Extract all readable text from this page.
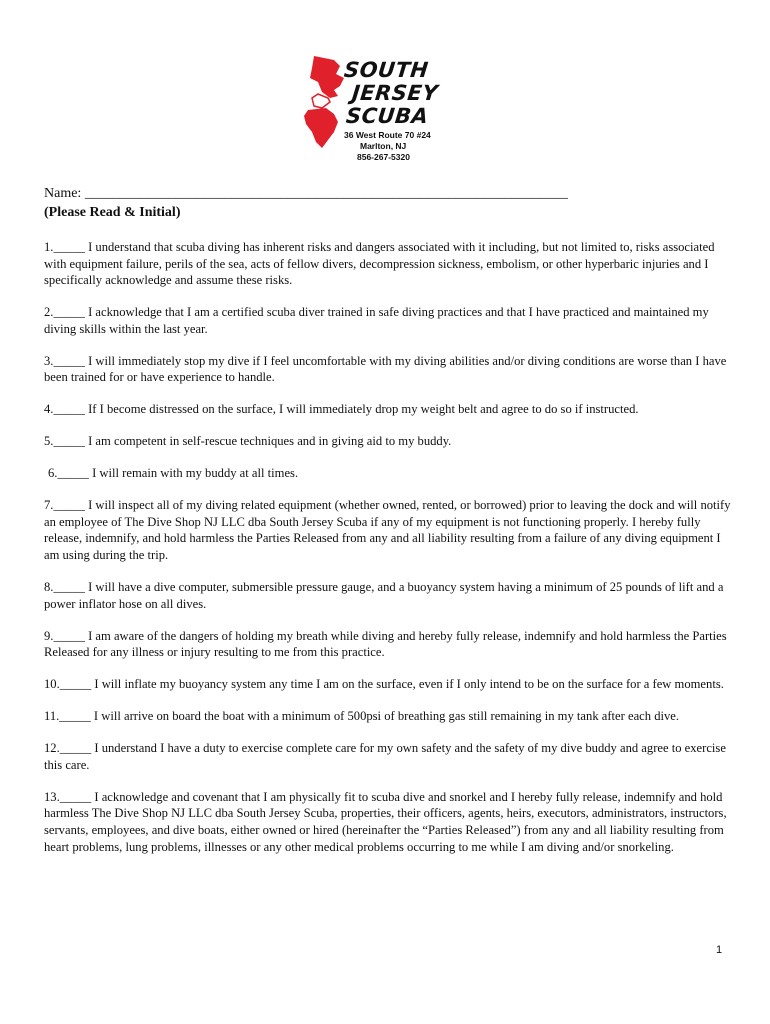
SOUTH
JERSEY
SCUBA
36 West Route 70 #24
Marlton, NJ
856-267-5320
Name: _____________________________________________________________________
(Please Read & Initial)

1._____ I understand that scuba diving has inherent risks and dangers associated with it including, but not limited to, risks associated with equipment failure, perils of the sea, acts of fellow divers, decompression sickness, embolism, or other hyperbaric injuries and I specifically acknowledge and assume these risks.

2._____ I acknowledge that I am a certified scuba diver trained in safe diving practices and that I have practiced and maintained my diving skills within the last year.

3._____ I will immediately stop my dive if I feel uncomfortable with my diving abilities and/or diving conditions are worse than I have been trained for or have experience to handle.

4._____ If I become distressed on the surface, I will immediately drop my weight belt and agree to do so if instructed.

5._____ I am competent in self-rescue techniques and in giving aid to my buddy.

6._____ I will remain with my buddy at all times.

7._____ I will inspect all of my diving related equipment (whether owned, rented, or borrowed) prior to leaving the dock and will notify an employee of The Dive Shop NJ LLC dba South Jersey Scuba if any of my equipment is not functioning properly. I hereby fully release, indemnify, and hold harmless the Parties Released from any and all liability resulting from a failure of any diving equipment I am using during the trip.

8._____ I will have a dive computer, submersible pressure gauge, and a buoyancy system having a minimum of 25 pounds of lift and a power inflator hose on all dives.

9._____ I am aware of the dangers of holding my breath while diving and hereby fully release, indemnify and hold harmless the Parties Released for any illness or injury resulting to me from this practice.

10._____ I will inflate my buoyancy system any time I am on the surface, even if I only intend to be on the surface for a few moments.

11._____ I will arrive on board the boat with a minimum of 500psi of breathing gas still remaining in my tank after each dive.

12._____ I understand I have a duty to exercise complete care for my own safety and the safety of my dive buddy and agree to exercise this care.

13._____ I acknowledge and covenant that I am physically fit to scuba dive and snorkel and I hereby fully release, indemnify and hold harmless The Dive Shop NJ LLC dba South Jersey Scuba, properties, their officers, agents, heirs, executors, administrators, instructors, servants, employees, and dive boats, either owned or hired (hereinafter the “Parties Released”) from any and all liability resulting from heart problems, lung problems, illnesses or any other medical problems occurring to me while I am diving and/or snorkeling.

1
